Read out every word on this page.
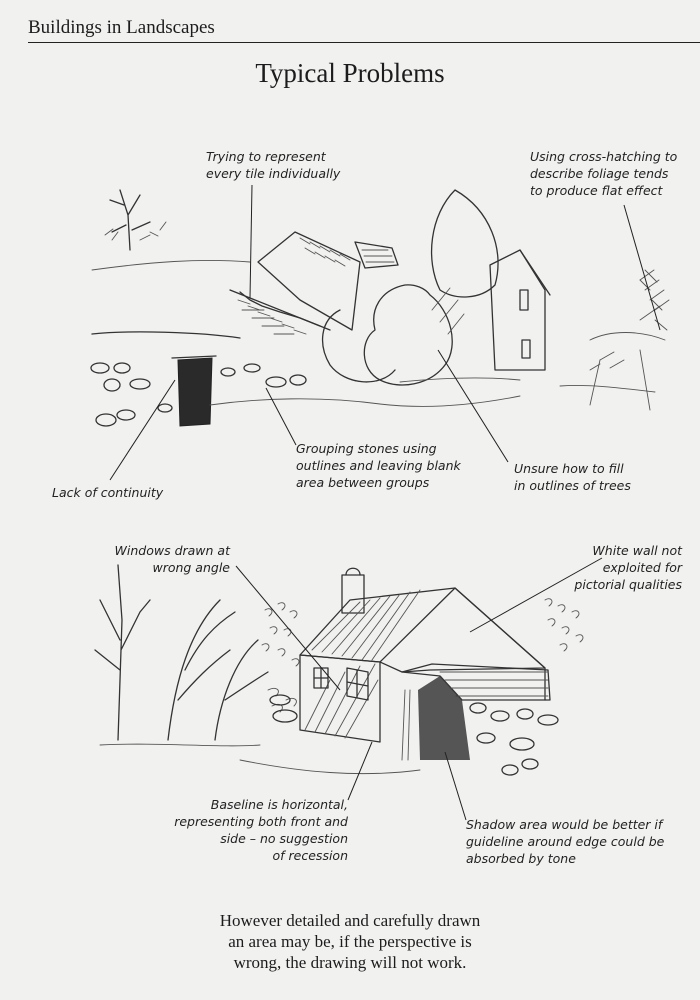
Buildings in Landscapes
Typical Problems
Trying to represent
every tile individually
Using cross-hatching to
describe foliage tends
to produce flat effect
Grouping stones using
outlines and leaving blank
area between groups
Lack of continuity
Unsure how to fill
in outlines of trees
Windows drawn at
wrong angle
White wall not
exploited for
pictorial qualities
Baseline is horizontal,
representing both front and
side – no suggestion
of recession
Shadow area would be better if
guideline around edge could be
absorbed by tone
However detailed and carefully drawn
an area may be, if the perspective is
wrong, the drawing will not work.
